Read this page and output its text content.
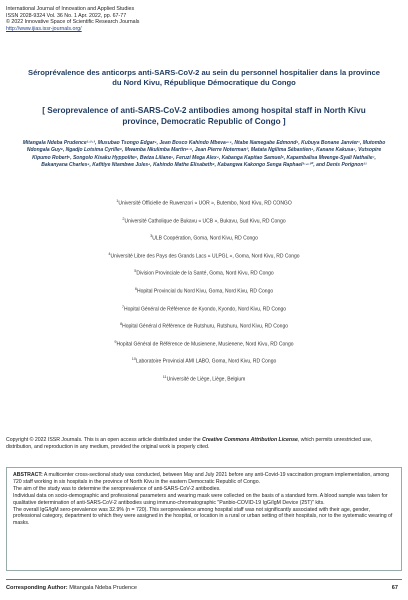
International Journal of Innovation and Applied Studies
ISSN 2028-9324 Vol. 36 No. 1 Apr. 2022, pp. 67-77
© 2022 Innovative Space of Scientific Research Journals
http://www.ijias.issr-journals.org/
Séroprévalence des anticorps anti-SARS-CoV-2 au sein du personnel hospitalier dans la province du Nord Kivu, République Démocratique du Congo
[ Seroprevalence of anti-SARS-CoV-2 antibodies among hospital staff in North Kivu province, Democratic Republic of Congo ]
Mitangala Ndeba Prudence¹·²·³, Musubao Tsongo Edgar⁴, Jean Bosco Kahindo Mbeva⁴·⁵, Ntabe Namegabe Edmond⁶, Kubuya Bonane Janvier⁷, Mutombo Ndongala Guy⁸, Ngadjo Lotsima Cyrille⁹, Mwamba Nkulimba Martin⁸·⁹, Jean Pierre Noterman³, Matata Ngilima Sébastien⁴, Kanane Kakusa⁵, Vutsopire Kipumo Robert⁶, Songolo Kisaku Hyppolite⁹, Bwiza Liliane⁵, Feruzi Mega Alex⁴, Kabanga Kapitao Samuel⁸, Kapambalisa Mwenge-Syali Nathalie⁷, Bakanyana Charles⁴, Kafitiye Ntambwe Jules⁴, Kahindo Mathe Elisabeth⁸, Kabangwa Kakongo Senga Raphael²·⁴·¹⁰, and Denis Porignon¹¹
$^1$Université Officielle de Ruwenzori « UOR », Butembo, Nord Kivu, RD CONGO
$^2$Université Catholique de Bukavu « UCB », Bukavu, Sud Kivu, RD Congo
$^3$ULB Coopération, Goma, Nord Kivu, RD Congo
$^4$Université Libre des Pays des Grands Lacs « ULPGL », Goma, Nord Kivu, RD Congo
$^5$Division Provinciale de la Santé, Goma, Nord Kivu, RD Congo
$^6$Hopital Provincial du Nord Kivu, Goma, Nord Kivu, RD Congo
$^7$Hopital Général de Référence de Kyondo, Kyondo, Nord Kivu, RD Congo
$^8$Hopital Général d Référence de Rutshuru, Rutshuru, Nord Kivu, RD Congo
$^9$Hopital Général de Référence de Musienene, Musienene, Nord Kivu, RD Congo
$^{10}$Laboratoire Provincial AMI LABO, Goma, Nord Kivu, RD Congo
$^{11}$Université de Liège, Liège, Belgium
Copyright © 2022 ISSR Journals. This is an open access article distributed under the Creative Commons Attribution License, which permits unrestricted use, distribution, and reproduction in any medium, provided the original work is properly cited.

ABSTRACT: A multicenter cross-sectional study was conducted, between May and July 2021 before any anti-Covid-19 vaccination program implementation, among 720 staff working in six hospitals in the province of North Kivu in the eastern Democratic Republic of Congo.

The aim of the study was to determine the seroprevalence of anti-SARS-CoV-2 antibodies.

Individual data on socio-demographic and professional parameters and wearing mask were collected on the basis of a standard form. A blood sample was taken for qualitative determination of anti-SARS-CoV-2 antibodies using immuno-chromatographic "Panbio-COVID-19 IgG/IgM Device (25T)" kits.

The overall IgG/IgM sero-prevalence was 32.9% (n = 720). This seroprevalence among hospital staff was not significantly associated with their age, gender, professional category, department to which they were assigned in the hospital, or location in a rural or urban setting of their hospitals, nor to the systematic wearing of masks.

Corresponding Author: Mitangala Ndeba Prudence	67
